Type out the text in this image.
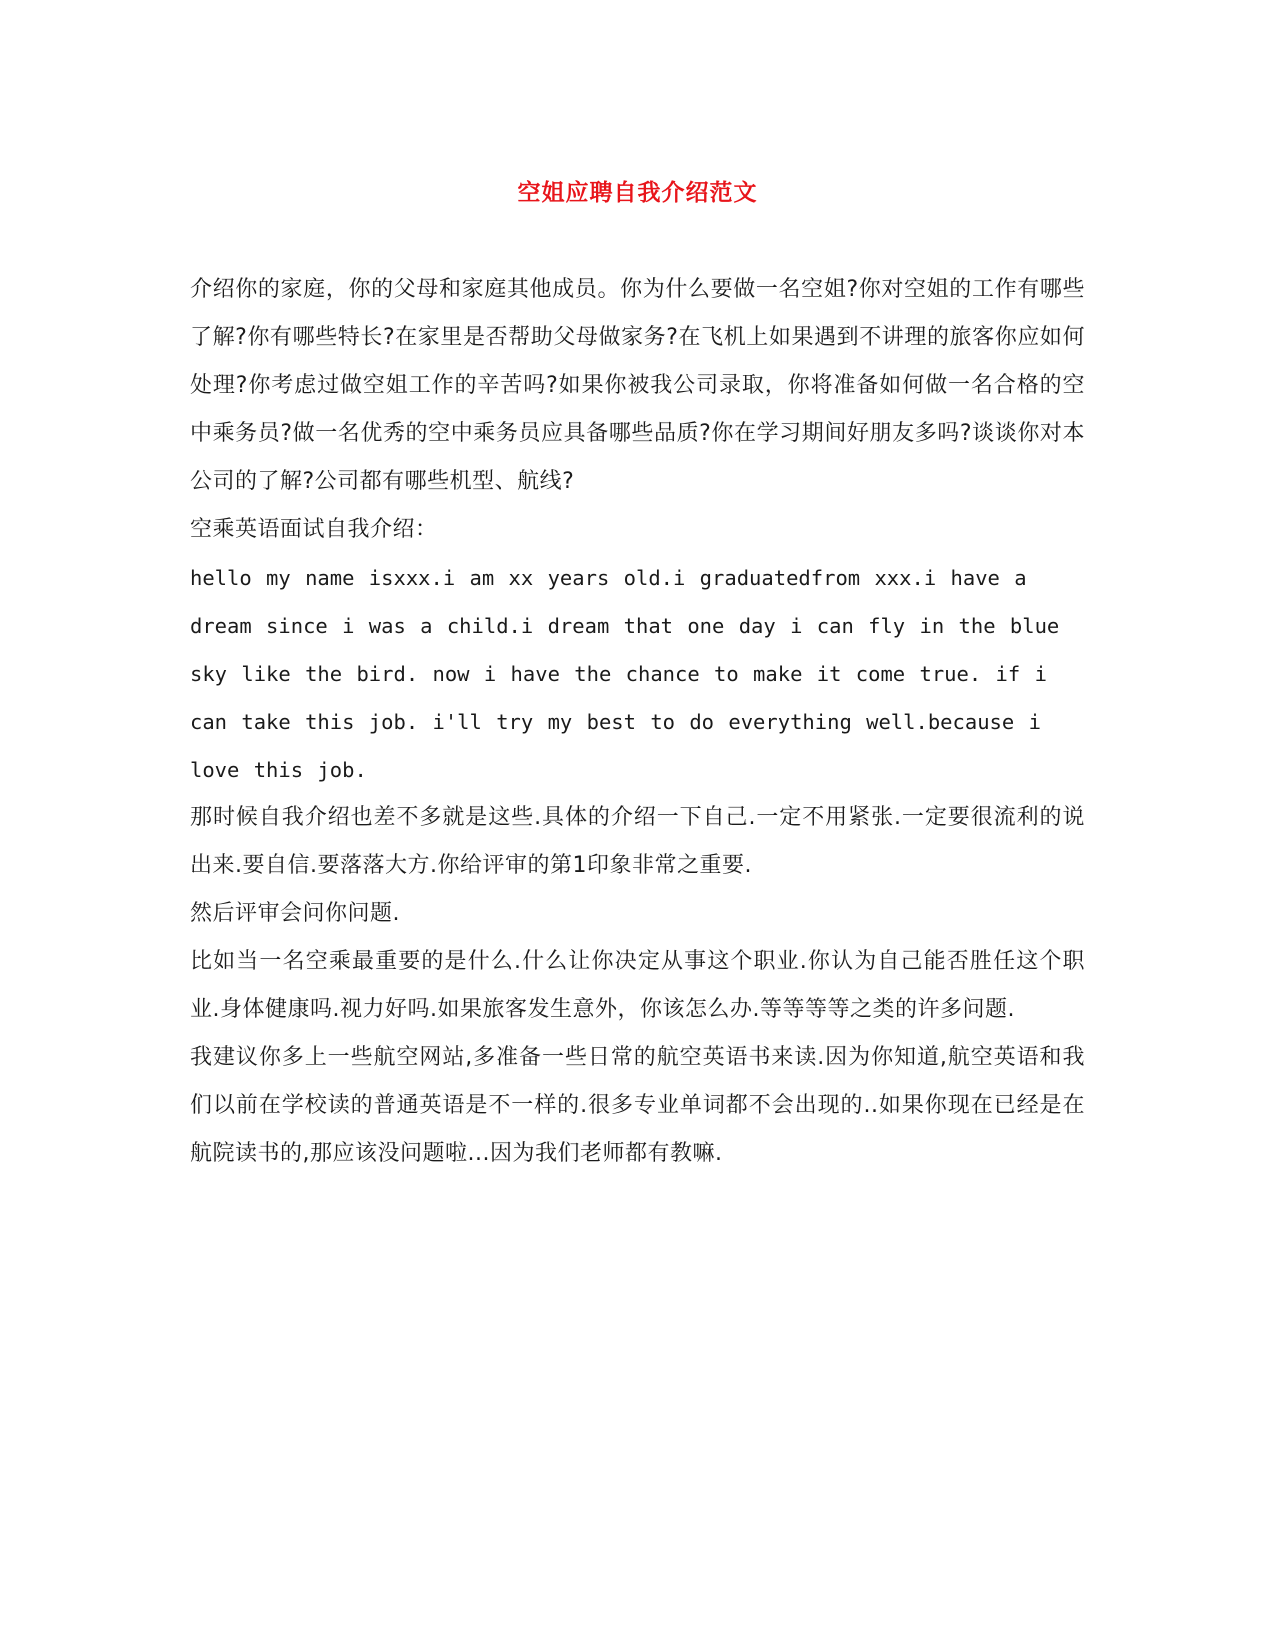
空姐应聘自我介绍范文

介绍你的家庭，你的父母和家庭其他成员。你为什么要做一名空姐?你对空姐的工作有哪些了解?你有哪些特长?在家里是否帮助父母做家务?在飞机上如果遇到不讲理的旅客你应如何处理?你考虑过做空姐工作的辛苦吗?如果你被我公司录取，你将准备如何做一名合格的空中乘务员?做一名优秀的空中乘务员应具备哪些品质?你在学习期间好朋友多吗?谈谈你对本公司的了解?公司都有哪些机型、航线?

空乘英语面试自我介绍：

hello my name isxxx.i am xx years old.i graduatedfrom xxx.i have a dream since i was a child.i dream that one day i can fly in the blue sky like the bird. now i have the chance to make it come true. if i can take this job. i'll try my best to do everything well.because i love this job.

那时候自我介绍也差不多就是这些.具体的介绍一下自己.一定不用紧张.一定要很流利的说出来.要自信.要落落大方.你给评审的第1印象非常之重要.

然后评审会问你问题.

比如当一名空乘最重要的是什么.什么让你决定从事这个职业.你认为自己能否胜任这个职业.身体健康吗.视力好吗.如果旅客发生意外，你该怎么办.等等等等之类的许多问题.

我建议你多上一些航空网站,多准备一些日常的航空英语书来读.因为你知道,航空英语和我们以前在学校读的普通英语是不一样的.很多专业单词都不会出现的..如果你现在已经是在航院读书的,那应该没问题啦...因为我们老师都有教嘛.
